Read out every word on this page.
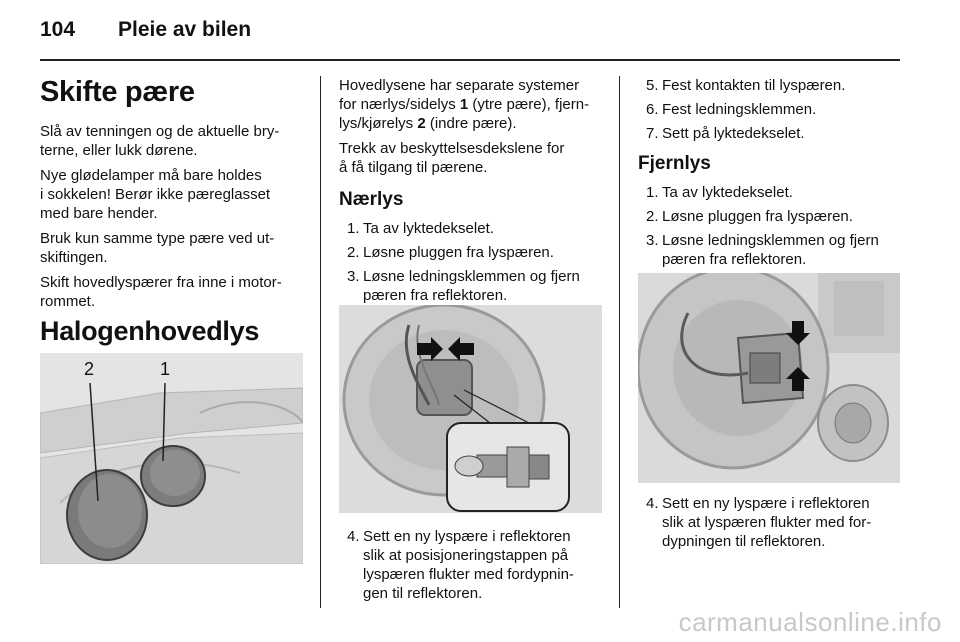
104 Pleie av bilen
Skifte pære
Slå av tenningen og de aktuelle bry-
terne, eller lukk dørene.
Nye glødelamper må bare holdes
i sokkelen! Berør ikke pæreglasset
med bare hender.
Bruk kun samme type pære ved ut-
skiftingen.
Skift hovedlyspærer fra inne i motor-
rommet.
Halogenhovedlys
2	1
Hovedlysene har separate systemer
for nærlys/sidelys 1 (ytre pære), fjern-
lys/kjørelys 2 (indre pære).
Trekk av beskyttelsesdekslene for
å få tilgang til pærene.
Nærlys
1. Ta av lyktedekselet.
2. Løsne pluggen fra lyspæren.
3. Løsne ledningsklemmen og fjern
pæren fra reflektoren.
4. Sett en ny lyspære i reflektoren
slik at posisjoneringstappen på
lyspæren flukter med fordypnin-
gen til reflektoren.
5. Fest kontakten til lyspæren.
6. Fest ledningsklemmen.
7. Sett på lyktedekselet.
Fjernlys
1. Ta av lyktedekselet.
2. Løsne pluggen fra lyspæren.
3. Løsne ledningsklemmen og fjern
pæren fra reflektoren.
4. Sett en ny lyspære i reflektoren
slik at lyspæren flukter med for-
dypningen til reflektoren.
carmanualsonline.info
